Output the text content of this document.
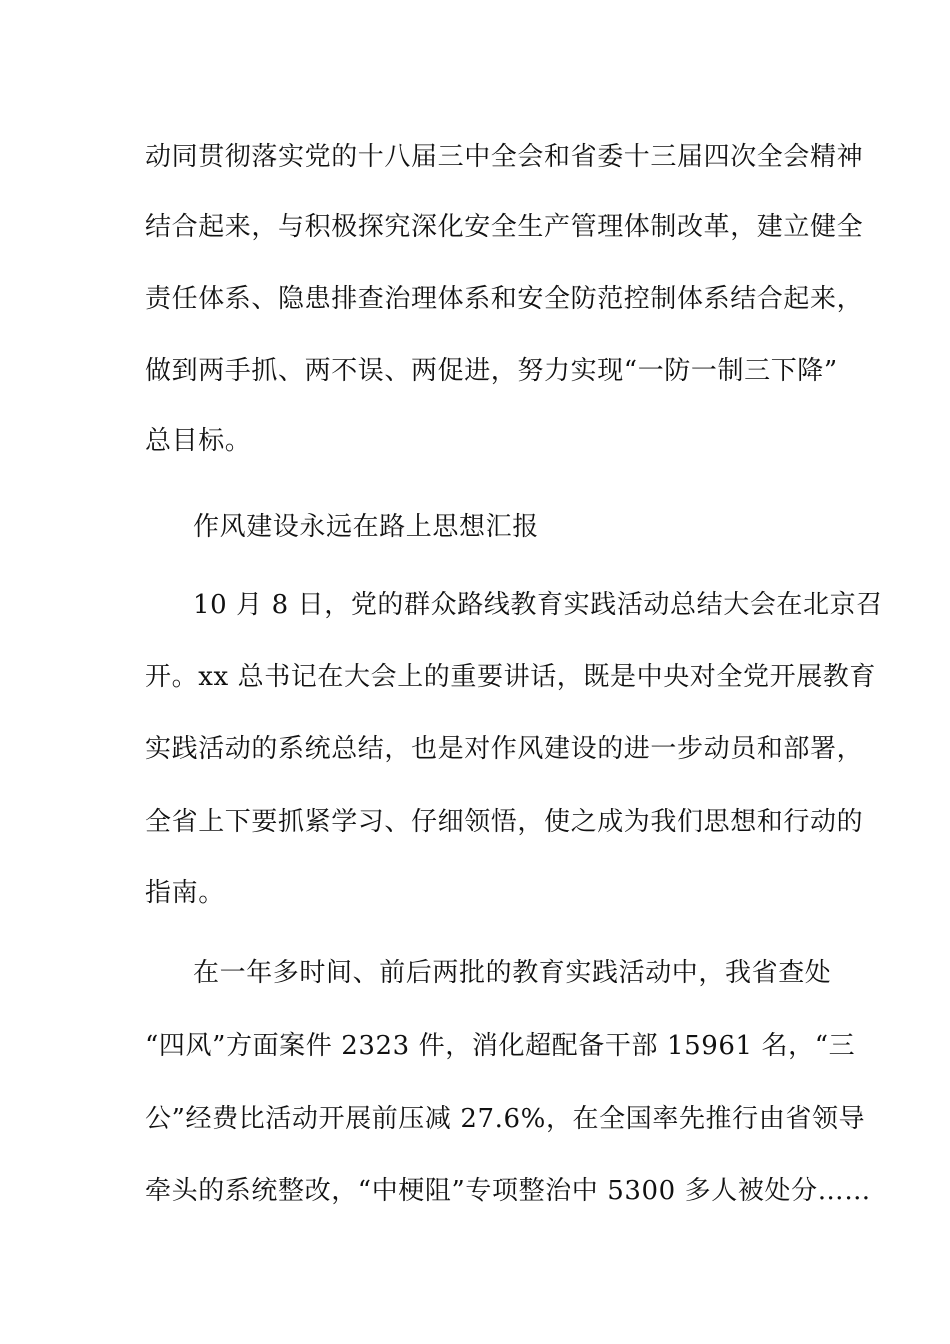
动同贯彻落实党的十八届三中全会和省委十三届四次全会精神
结合起来，与积极探究深化安全生产管理体制改革，建立健全
责任体系、隐患排查治理体系和安全防范控制体系结合起来，
做到两手抓、两不误、两促进，努力实现“一防一制三下降”
总目标。
作风建设永远在路上思想汇报
10 月 8 日，党的群众路线教育实践活动总结大会在北京召
开。xx 总书记在大会上的重要讲话，既是中央对全党开展教育
实践活动的系统总结，也是对作风建设的进一步动员和部署，
全省上下要抓紧学习、仔细领悟，使之成为我们思想和行动的
指南。
在一年多时间、前后两批的教育实践活动中，我省查处
“四风”方面案件 2323 件，消化超配备干部 15961 名，“三
公”经费比活动开展前压减 27.6%，在全国率先推行由省领导
牵头的系统整改，“中梗阻”专项整治中 5300 多人被处分……
